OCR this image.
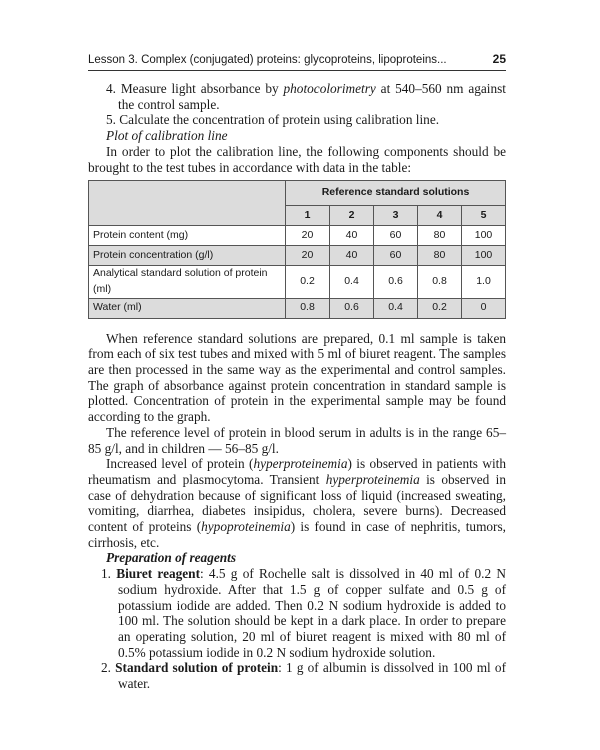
Lesson 3. Complex (conjugated) proteins: glycoproteins, lipoproteins...	25

4. Measure light absorbance by photocolorimetry at 540–560 nm against the control sample.

5. Calculate the concentration of protein using calibration line.

Plot of calibration line

In order to plot the calibration line, the following components should be brought to the test tubes in accordance with data in the table:

	Reference standard solutions				
	1	2	3	4	5
Protein content (mg)	20	40	60	80	100
Protein concentration (g/l)	20	40	60	80	100
Analytical standard solution of protein (ml)	0.2	0.4	0.6	0.8	1.0
Water (ml)	0.8	0.6	0.4	0.2	0

When reference standard solutions are prepared, 0.1 ml sample is taken from each of six test tubes and mixed with 5 ml of biuret reagent. The samples are then processed in the same way as the experimental and control samples. The graph of absorbance against protein concentration in standard sample is plotted. Concentration of protein in the experimental sample may be found according to the graph.

The reference level of protein in blood serum in adults is in the range 65–85 g/l, and in children — 56–85 g/l.

Increased level of protein (hyperproteinemia) is observed in patients with rheumatism and plasmocytoma. Transient hyperproteinemia is observed in case of dehydration because of significant loss of liquid (increased sweating, vomiting, diarrhea, diabetes insipidus, cholera, severe burns). Decreased content of proteins (hypoproteinemia) is found in case of nephritis, tumors, cirrhosis, etc.

Preparation of reagents

1. Biuret reagent: 4.5 g of Rochelle salt is dissolved in 40 ml of 0.2 N sodium hydroxide. After that 1.5 g of copper sulfate and 0.5 g of potassium iodide are added. Then 0.2 N sodium hydroxide is added to 100 ml. The solution should be kept in a dark place. In order to prepare an operating solution, 20 ml of biuret reagent is mixed with 80 ml of 0.5% potassium iodide in 0.2 N sodium hydroxide solution.

2. Standard solution of protein: 1 g of albumin is dissolved in 100 ml of water.
